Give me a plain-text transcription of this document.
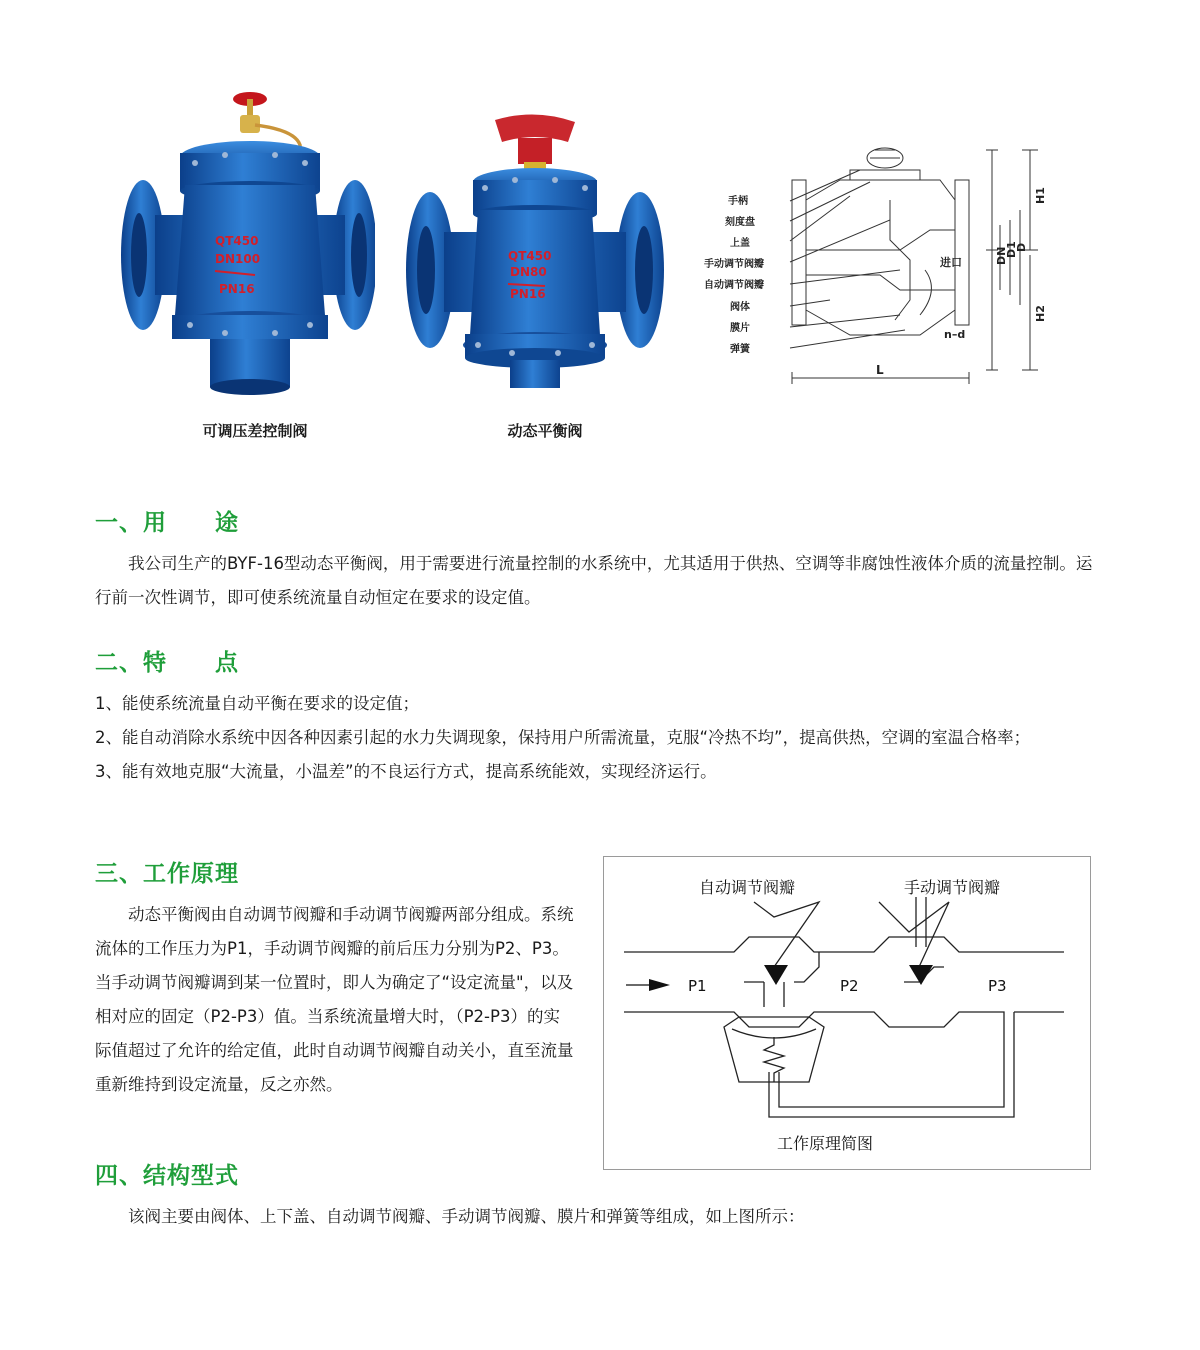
QT450
DN100
PN16
可调压差控制阀
QT450
DN80
PN16
动态平衡阀
手柄
刻度盘
上盖
手动调节阀瓣
自动调节阀瓣
阀体
膜片
弹簧
进口
L
n–d
H1
H2
DN
D1
D
一、用　　途
我公司生产的BYF-16型动态平衡阀，用于需要进行流量控制的水系统中，尤其适用于供热、空调等非腐蚀性液体介质的流量控制。运行前一次性调节，即可使系统流量自动恒定在要求的设定值。
二、特　　点
1、能使系统流量自动平衡在要求的设定值；
2、能自动消除水系统中因各种因素引起的水力失调现象，保持用户所需流量，克服“冷热不均”，提高供热，空调的室温合格率；
3、能有效地克服“大流量，小温差”的不良运行方式，提高系统能效，实现经济运行。
三、工作原理
　　动态平衡阀由自动调节阀瓣和手动调节阀瓣两部分组成。系统流体的工作压力为P1，手动调节阀瓣的前后压力分别为P2、P3。当手动调节阀瓣调到某一位置时，即人为确定了“设定流量"，以及相对应的固定（P2-P3）值。当系统流量增大时，（P2-P3）的实际值超过了允许的给定值，此时自动调节阀瓣自动关小，直至流量重新维持到设定流量，反之亦然。
自动调节阀瓣	手动调节阀瓣
P1	P2	P3
工作原理简图
四、结构型式
该阀主要由阀体、上下盖、自动调节阀瓣、手动调节阀瓣、膜片和弹簧等组成，如上图所示：
